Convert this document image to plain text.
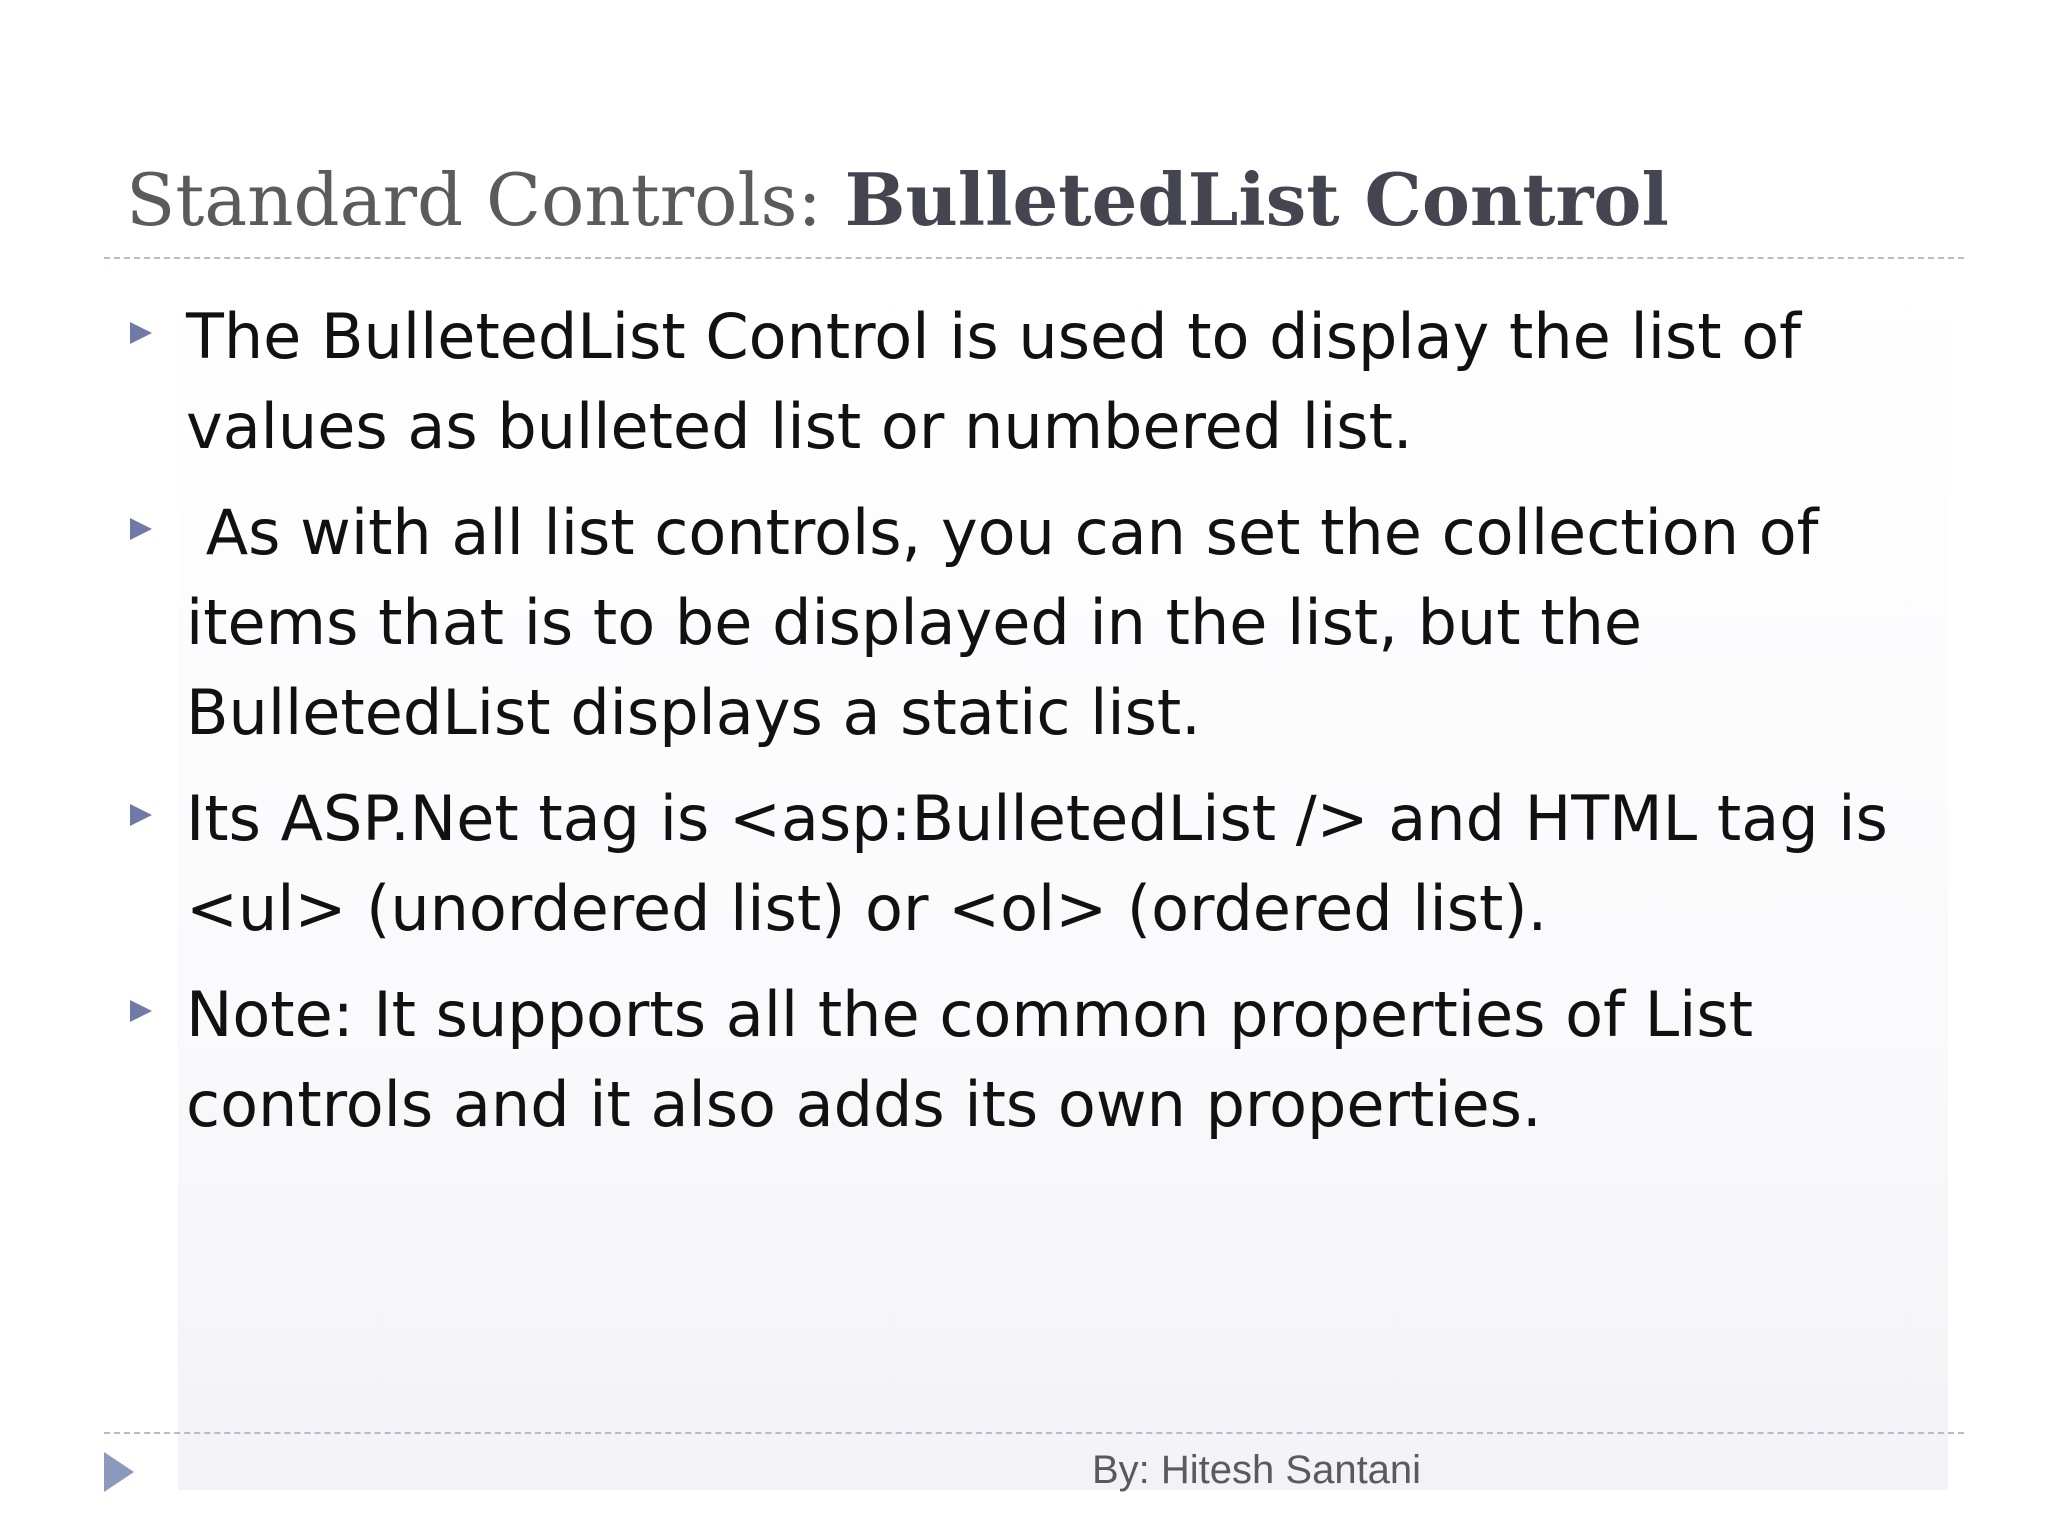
Standard Controls: BulletedList Control
The BulletedList Control is used to display the list of values as bulleted list or numbered list.
As with all list controls, you can set the collection of items that is to be displayed in the list, but the BulletedList displays a static list.
Its ASP.Net tag is <asp:BulletedList /> and HTML tag is <ul> (unordered list) or <ol> (ordered list).
Note: It supports all the common properties of List controls and it also adds its own properties.
By: Hitesh Santani
